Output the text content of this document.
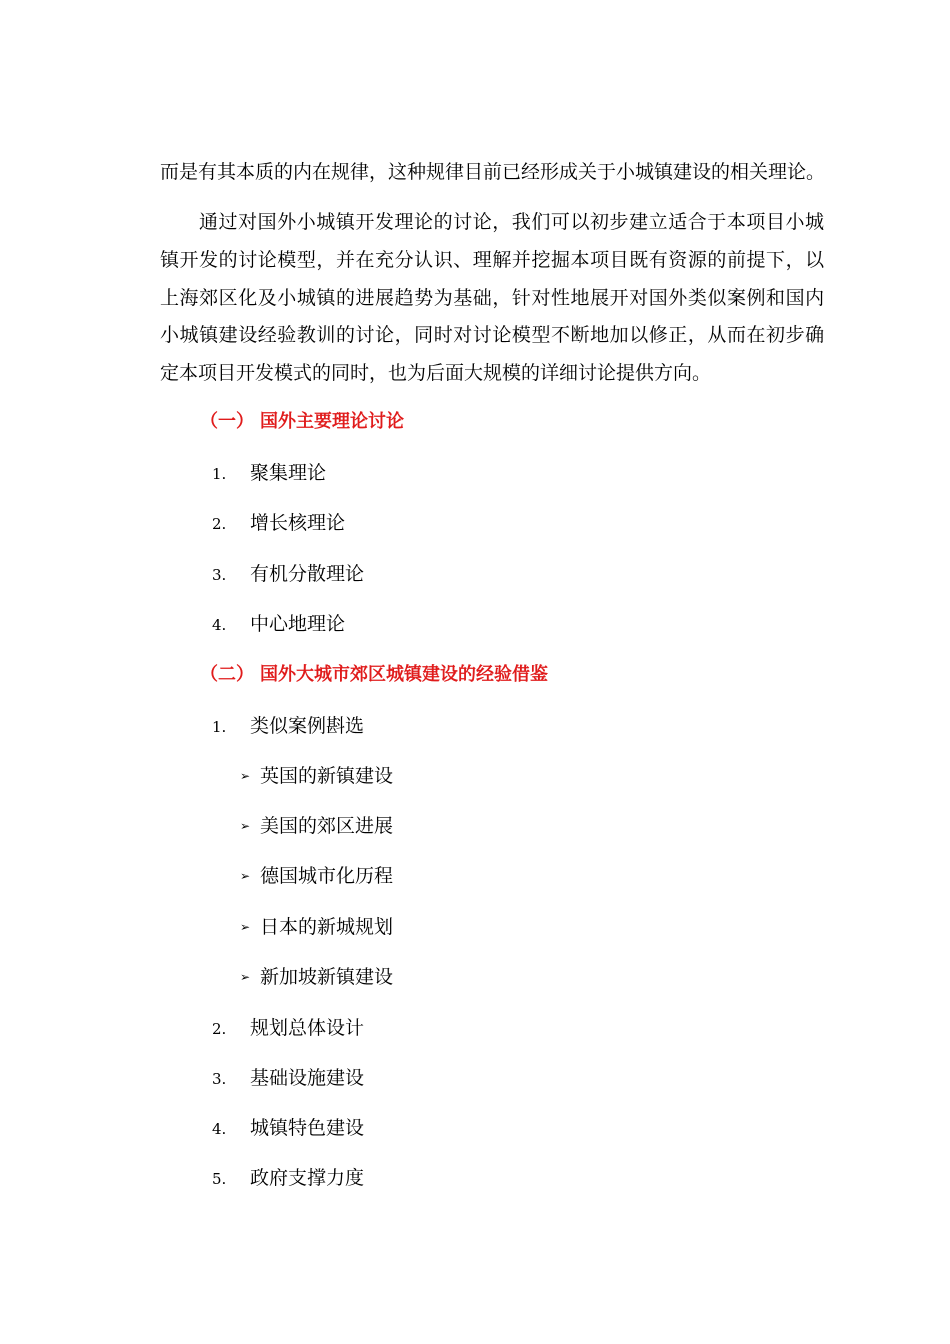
而是有其本质的内在规律，这种规律目前已经形成关于小城镇建设的相关理论。
通过对国外小城镇开发理论的讨论，我们可以初步建立适合于本项目小城
镇开发的讨论模型，并在充分认识、理解并挖掘本项目既有资源的前提下，以
上海郊区化及小城镇的进展趋势为基础，针对性地展开对国外类似案例和国内
小城镇建设经验教训的讨论，同时对讨论模型不断地加以修正，从而在初步确
定本项目开发模式的同时，也为后面大规模的详细讨论提供方向。
（一） 国外主要理论讨论
1. 聚集理论
2. 增长核理论
3. 有机分散理论
4. 中心地理论
（二） 国外大城市郊区城镇建设的经验借鉴
1. 类似案例斟选
➢ 英国的新镇建设
➢ 美国的郊区进展
➢ 德国城市化历程
➢ 日本的新城规划
➢ 新加坡新镇建设
2. 规划总体设计
3. 基础设施建设
4. 城镇特色建设
5. 政府支撑力度
